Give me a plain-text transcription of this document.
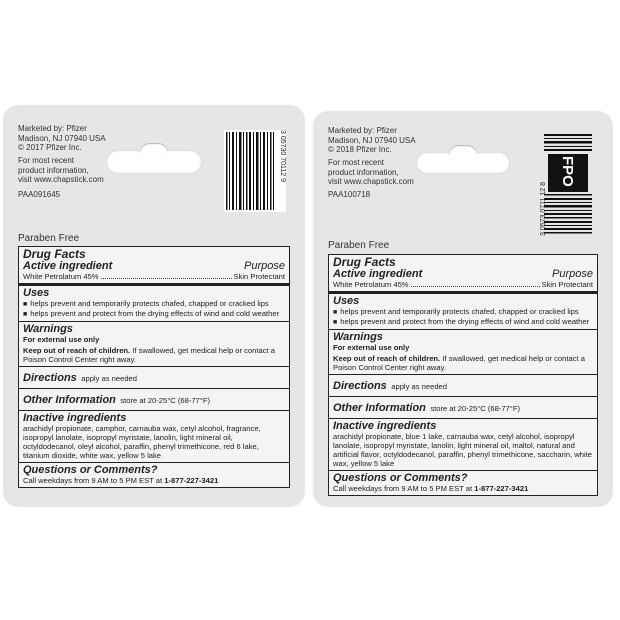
Marketed by: Pfizer
Madison, NJ 07940 USA
© 2017 Pfizer Inc.
For most recent
product information,
visit www.chapstick.com
PAA091645
3 05730 70112 9
Paraben Free
Drug Facts
Active ingredient	Purpose
White Petrolatum 45%	Skin Protectant
Uses
■ helps prevent and temporarily protects chafed, chapped or cracked lips
■ helps prevent and protect from the drying effects of wind and cold weather
Warnings
For external use only
Keep out of reach of children. If swallowed, get medical help or contact a Poison Control Center right away.
Directions apply as needed
Other Information store at 20-25°C (68-77°F)
Inactive ingredients
arachidyl propionate, camphor, carnauba wax, cetyl alcohol, fragrance, isopropyl lanolate, isopropyl myristate, lanolin, light mineral oil, octyldodecanol, oleyl alcohol, paraffin, phenyl trimethicone, red 6 lake, titanium dioxide, white wax, yellow 5 lake
Questions or Comments?
Call weekdays from 9 AM to 5 PM EST at 1-877-227-3421
Marketed by: Pfizer
Madison, NJ 07940 USA
© 2018 Pfizer Inc.
For most recent
product information,
visit www.chapstick.com
PAA100718
FPO
3 0573 0711 12 8
Paraben Free
Drug Facts
Active ingredient	Purpose
White Petrolatum 45%	Skin Protectant
Uses
■ helps prevent and temporarily protects chafed, chapped or cracked lips
■ helps prevent and protect from the drying effects of wind and cold weather
Warnings
For external use only
Keep out of reach of children. If swallowed, get medical help or contact a Poison Control Center right away.
Directions apply as needed
Other Information store at 20-25°C (68-77°F)
Inactive ingredients
arachidyl propionate, blue 1 lake, carnauba wax, cetyl alcohol, isopropyl lanolate, isopropyl myristate, lanolin, light mineral oil, maltol, natural and artificial flavor, octyldodecanol, paraffin, phenyl trimethicone, saccharin, white wax, yellow 5 lake
Questions or Comments?
Call weekdays from 9 AM to 5 PM EST at 1-877-227-3421
